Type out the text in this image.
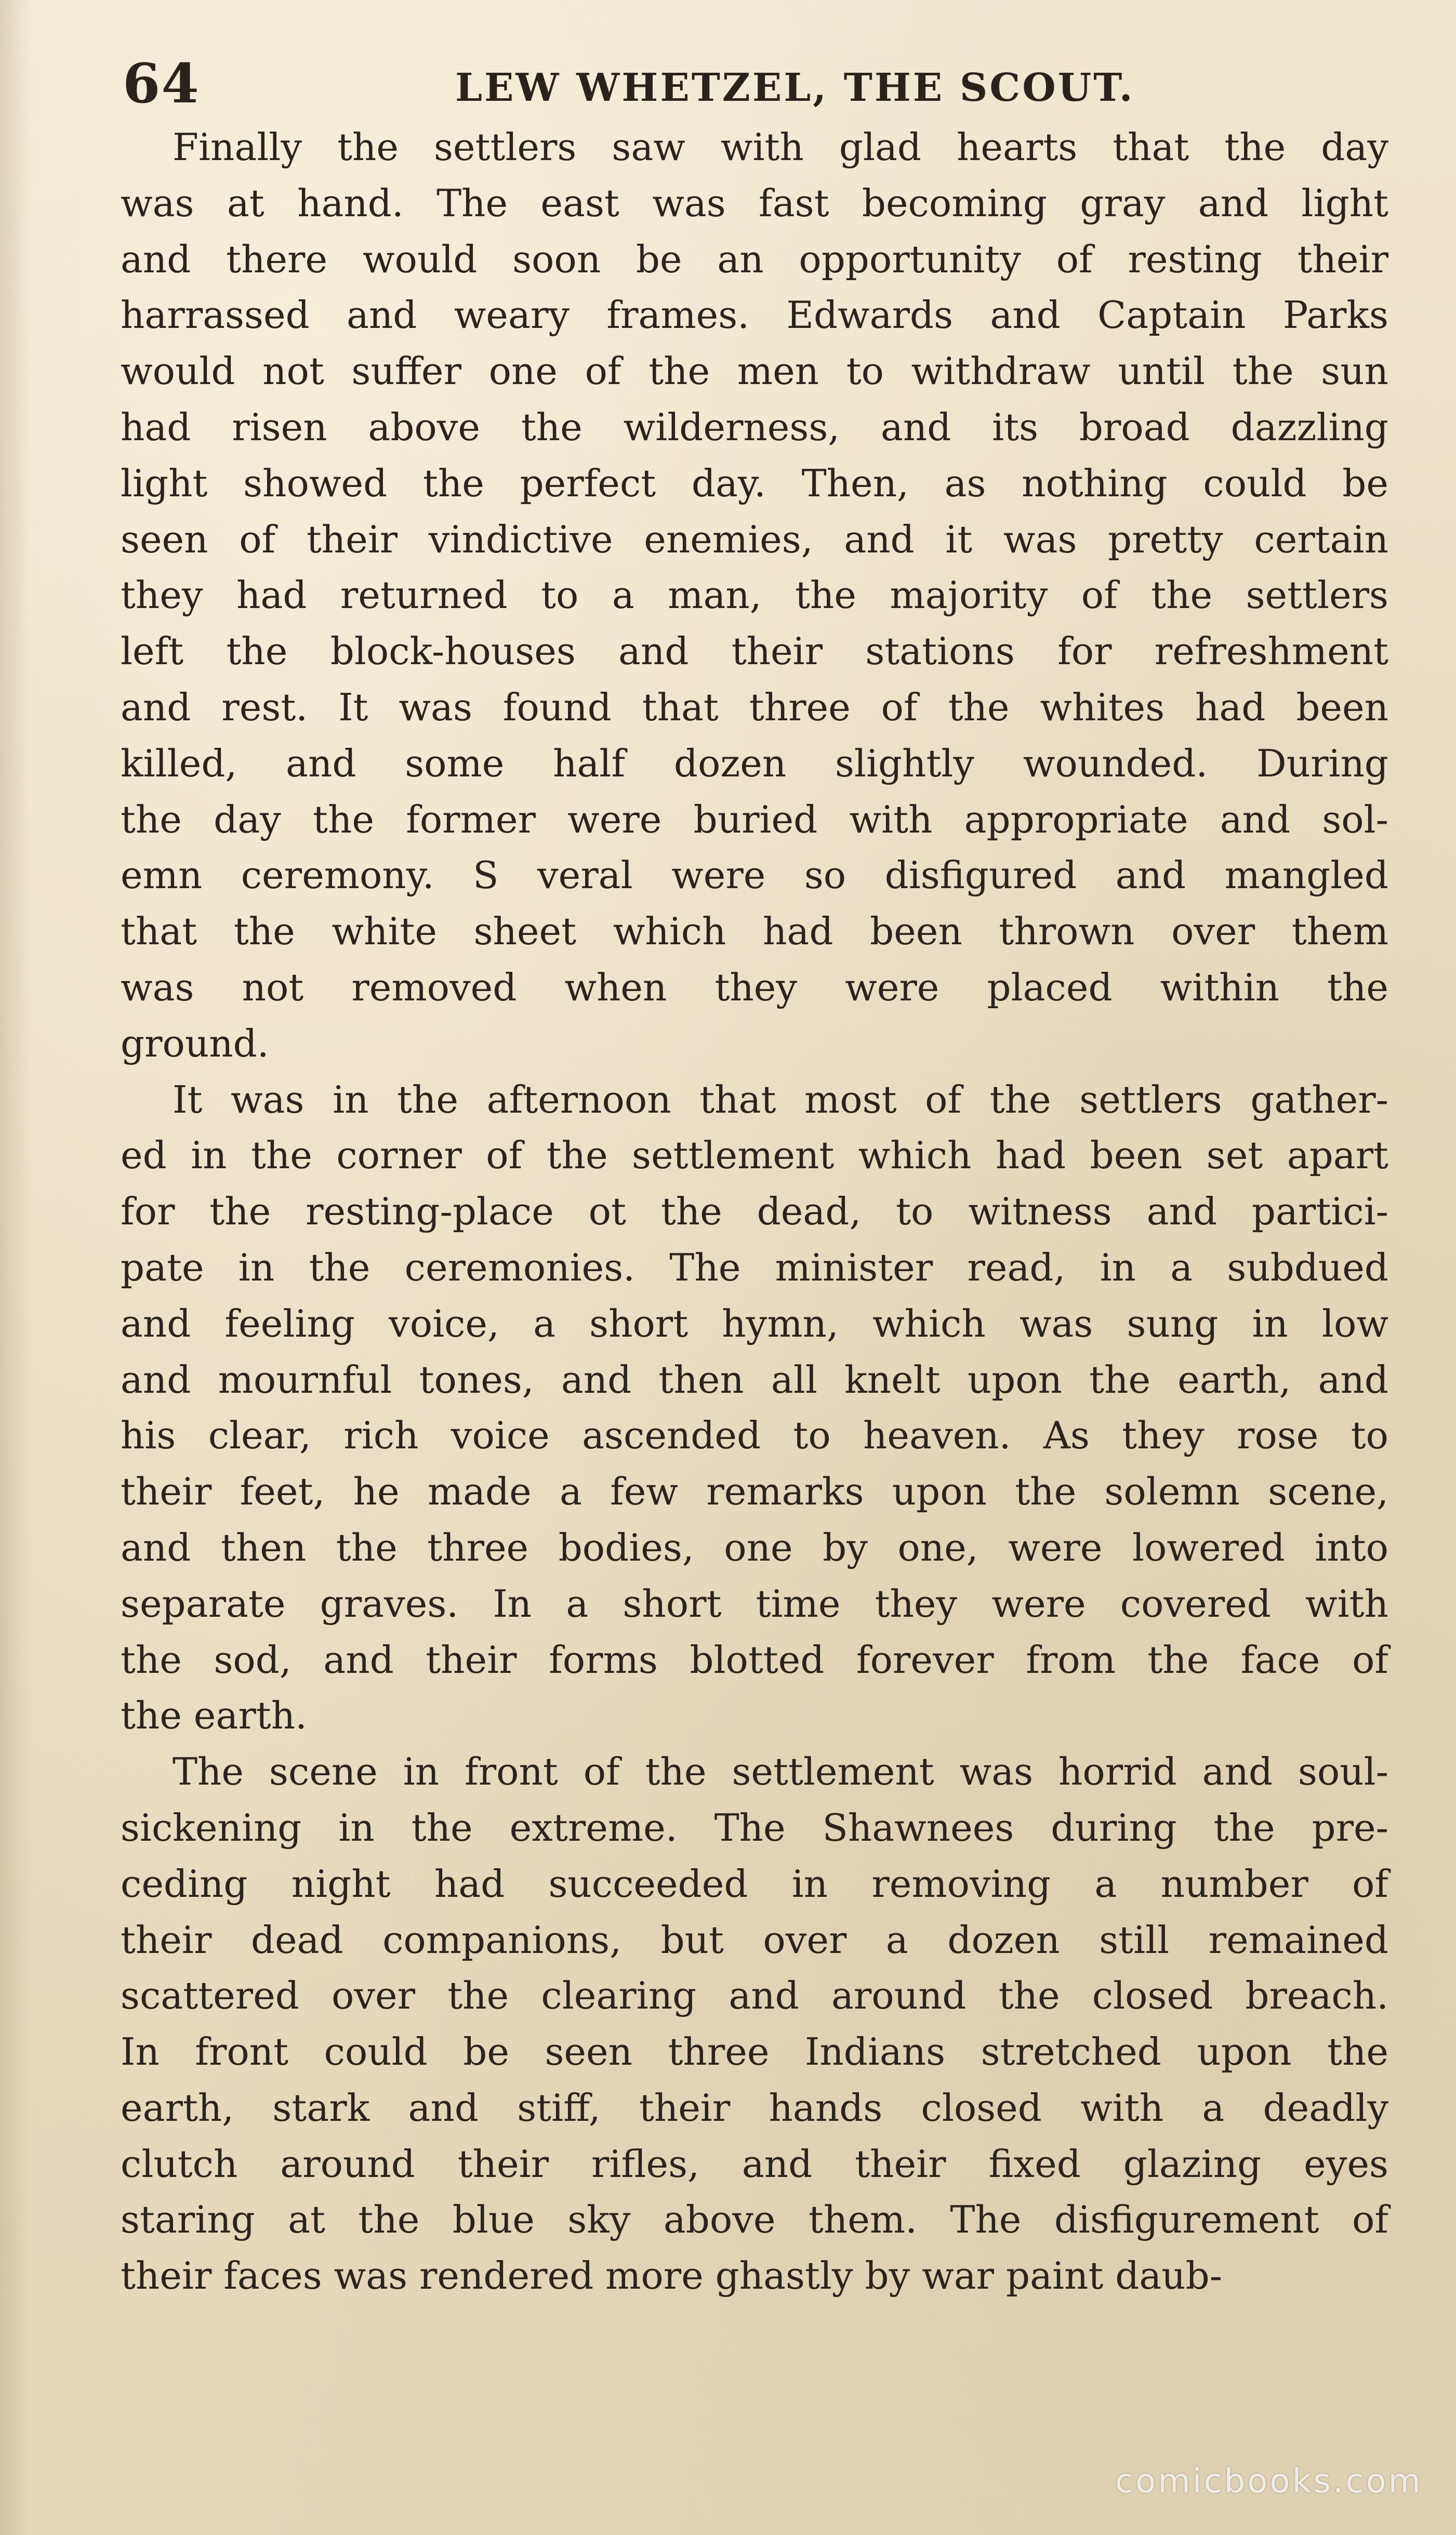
64	LEW WHETZEL, THE SCOUT.
Finally the settlers saw with glad hearts that the day
was at hand. The east was fast becoming gray and light
and there would soon be an opportunity of resting their
harrassed and weary frames. Edwards and Captain Parks
would not suffer one of the men to withdraw until the sun
had risen above the wilderness, and its broad dazzling
light showed the perfect day. Then, as nothing could be
seen of their vindictive enemies, and it was pretty certain
they had returned to a man, the majority of the settlers
left the block-houses and their stations for refreshment
and rest. It was found that three of the whites had been
killed, and some half dozen slightly wounded. During
the day the former were buried with appropriate and sol-
emn ceremony. S veral were so disfigured and mangled
that the white sheet which had been thrown over them
was not removed when they were placed within the
ground.
It was in the afternoon that most of the settlers gather-
ed in the corner of the settlement which had been set apart
for the resting-place ot the dead, to witness and partici-
pate in the ceremonies. The minister read, in a subdued
and feeling voice, a short hymn, which was sung in low
and mournful tones, and then all knelt upon the earth, and
his clear, rich voice ascended to heaven. As they rose to
their feet, he made a few remarks upon the solemn scene,
and then the three bodies, one by one, were lowered into
separate graves. In a short time they were covered with
the sod, and their forms blotted forever from the face of
the earth.
The scene in front of the settlement was horrid and soul-
sickening in the extreme. The Shawnees during the pre-
ceding night had succeeded in removing a number of
their dead companions, but over a dozen still remained
scattered over the clearing and around the closed breach.
In front could be seen three Indians stretched upon the
earth, stark and stiff, their hands closed with a deadly
clutch around their rifles, and their fixed glazing eyes
staring at the blue sky above them. The disfigurement of
their faces was rendered more ghastly by war paint daub-
comicbooks.com
